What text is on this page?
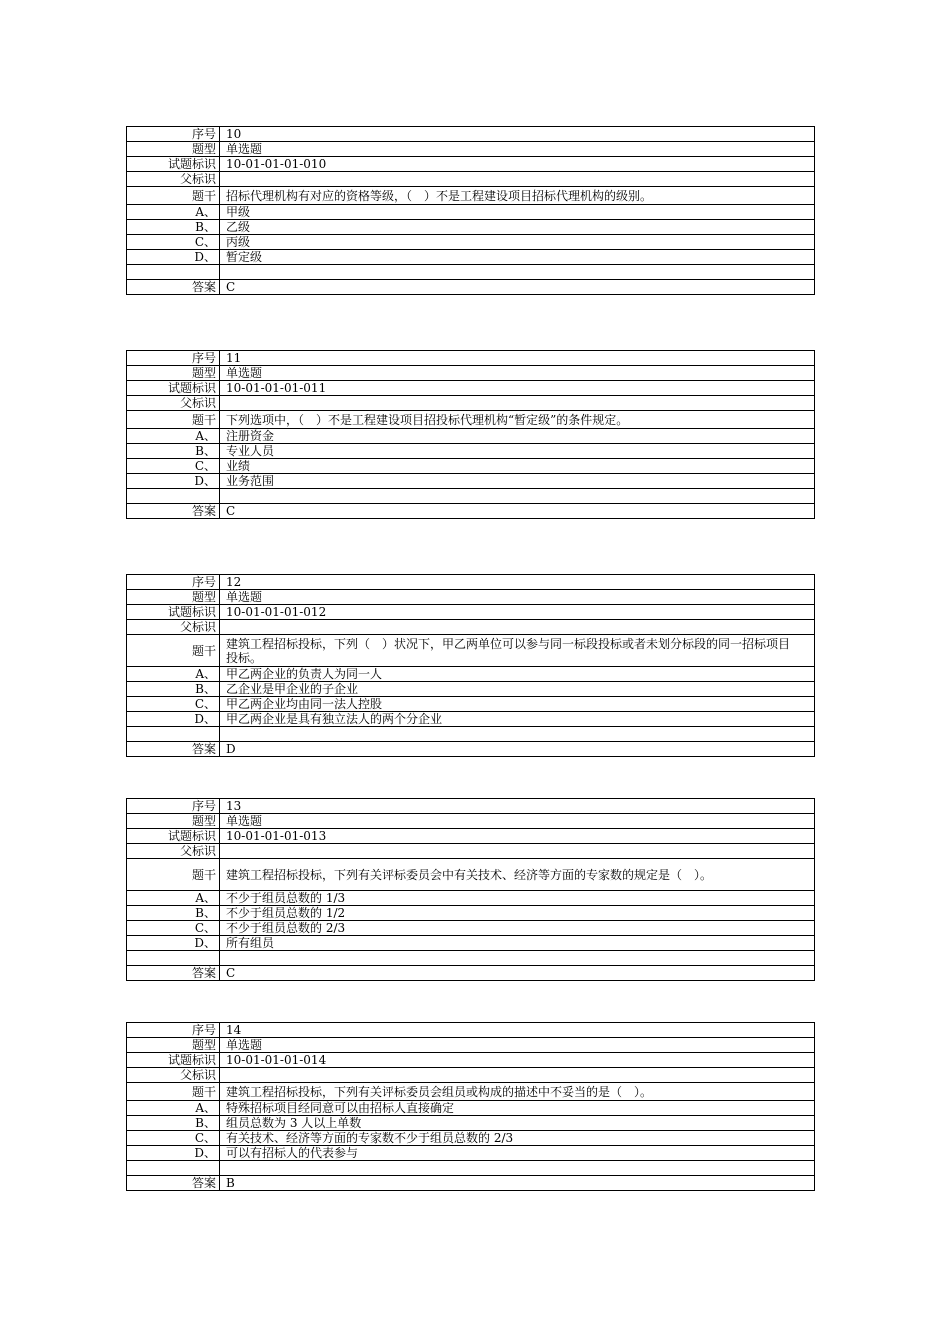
序号	10
题型	单选题
试题标识	10-01-01-01-010
父标识	
题干	招标代理机构有对应的资格等级，（　）不是工程建设项目招标代理机构的级别。
A、	甲级
B、	乙级
C、	丙级
D、	暂定级

答案	C
序号	11
题型	单选题
试题标识	10-01-01-01-011
父标识	
题干	下列选项中，（　）不是工程建设项目招投标代理机构“暂定级”的条件规定。
A、	注册资金
B、	专业人员
C、	业绩
D、	业务范围

答案	C
序号	12
题型	单选题
试题标识	10-01-01-01-012
父标识	
题干	建筑工程招标投标，下列（　）状况下，甲乙两单位可以参与同一标段投标或者未划分标段的同一招标项目投标。
A、	甲乙两企业的负责人为同一人
B、	乙企业是甲企业的子企业
C、	甲乙两企业均由同一法人控股
D、	甲乙两企业是具有独立法人的两个分企业

答案	D
序号	13
题型	单选题
试题标识	10-01-01-01-013
父标识	
题干	建筑工程招标投标，下列有关评标委员会中有关技术、经济等方面的专家数的规定是（　）。
A、	不少于组员总数的 1/3
B、	不少于组员总数的 1/2
C、	不少于组员总数的 2/3
D、	所有组员

答案	C
序号	14
题型	单选题
试题标识	10-01-01-01-014
父标识	
题干	建筑工程招标投标，下列有关评标委员会组员或构成的描述中不妥当的是（　）。
A、	特殊招标项目经同意可以由招标人直接确定
B、	组员总数为 3 人以上单数
C、	有关技术、经济等方面的专家数不少于组员总数的 2/3
D、	可以有招标人的代表参与

答案	B
